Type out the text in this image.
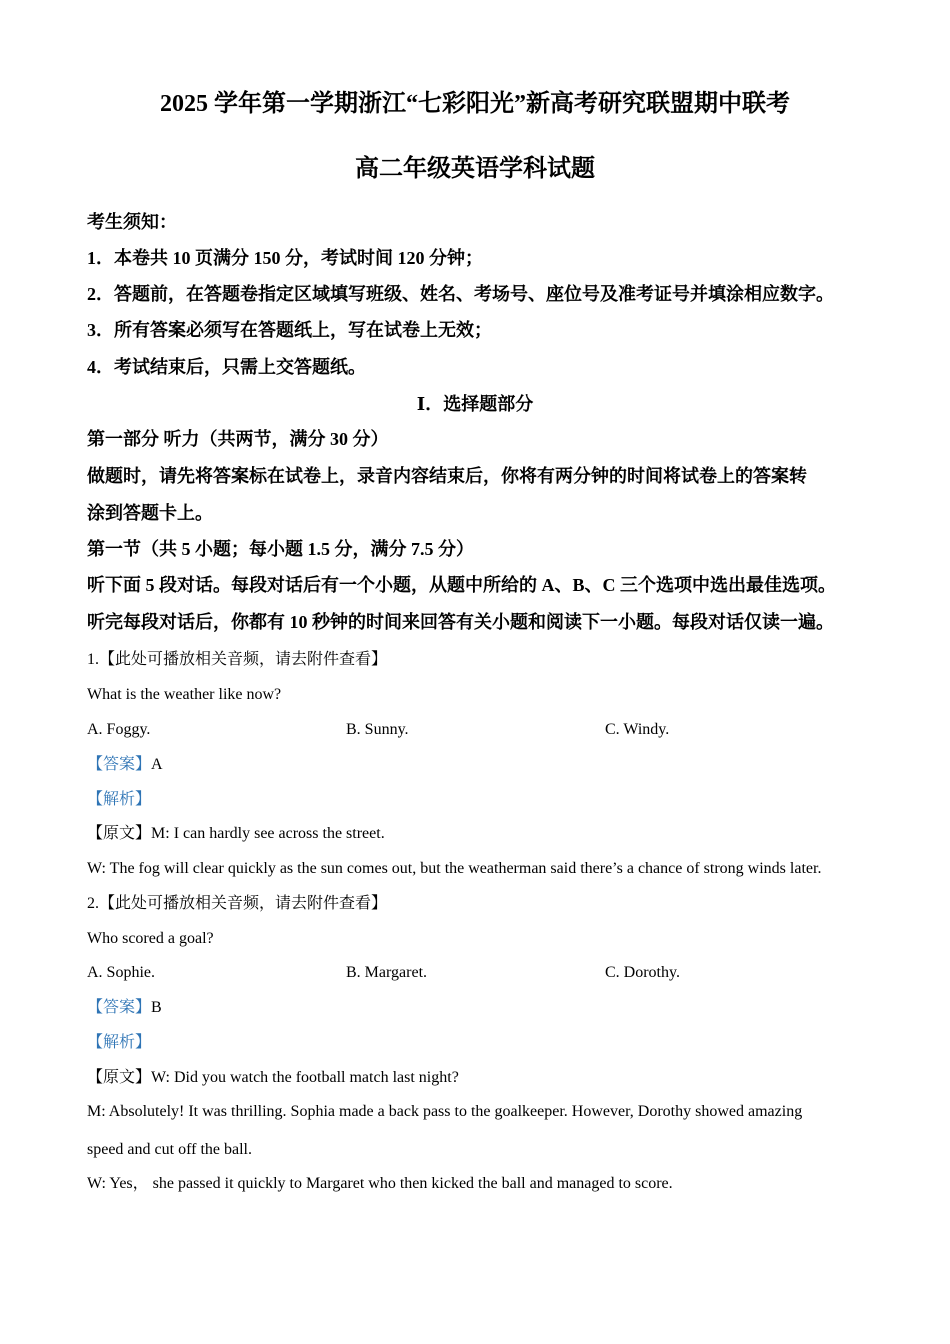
2025 学年第一学期浙江“七彩阳光”新高考研究联盟期中联考
高二年级英语学科试题
考生须知：
1．本卷共 10 页满分 150 分，考试时间 120 分钟；
2．答题前，在答题卷指定区域填写班级、姓名、考场号、座位号及准考证号并填涂相应数字。
3．所有答案必须写在答题纸上，写在试卷上无效；
4．考试结束后，只需上交答题纸。
Ⅰ．选择题部分
第一部分 听力（共两节，满分 30 分）
做题时，请先将答案标在试卷上，录音内容结束后，你将有两分钟的时间将试卷上的答案转
涂到答题卡上。
第一节（共 5 小题；每小题 1.5 分，满分 7.5 分）
听下面 5 段对话。每段对话后有一个小题，从题中所给的 A、B、C 三个选项中选出最佳选项。
听完每段对话后，你都有 10 秒钟的时间来回答有关小题和阅读下一小题。每段对话仅读一遍。
1.【此处可播放相关音频，请去附件查看】
What is the weather like now?
A. Foggy.	B. Sunny.	C. Windy.
【答案】A
【解析】
【原文】M: I can hardly see across the street.
W: The fog will clear quickly as the sun comes out, but the weatherman said there’s a chance of strong winds later.
2.【此处可播放相关音频，请去附件查看】
Who scored a goal?
A. Sophie.	B. Margaret.	C. Dorothy.
【答案】B
【解析】
【原文】W: Did you watch the football match last night?
M: Absolutely! It was thrilling. Sophia made a back pass to the goalkeeper. However, Dorothy showed amazing
speed and cut off the ball.
W: Yes， she passed it quickly to Margaret who then kicked the ball and managed to score.
